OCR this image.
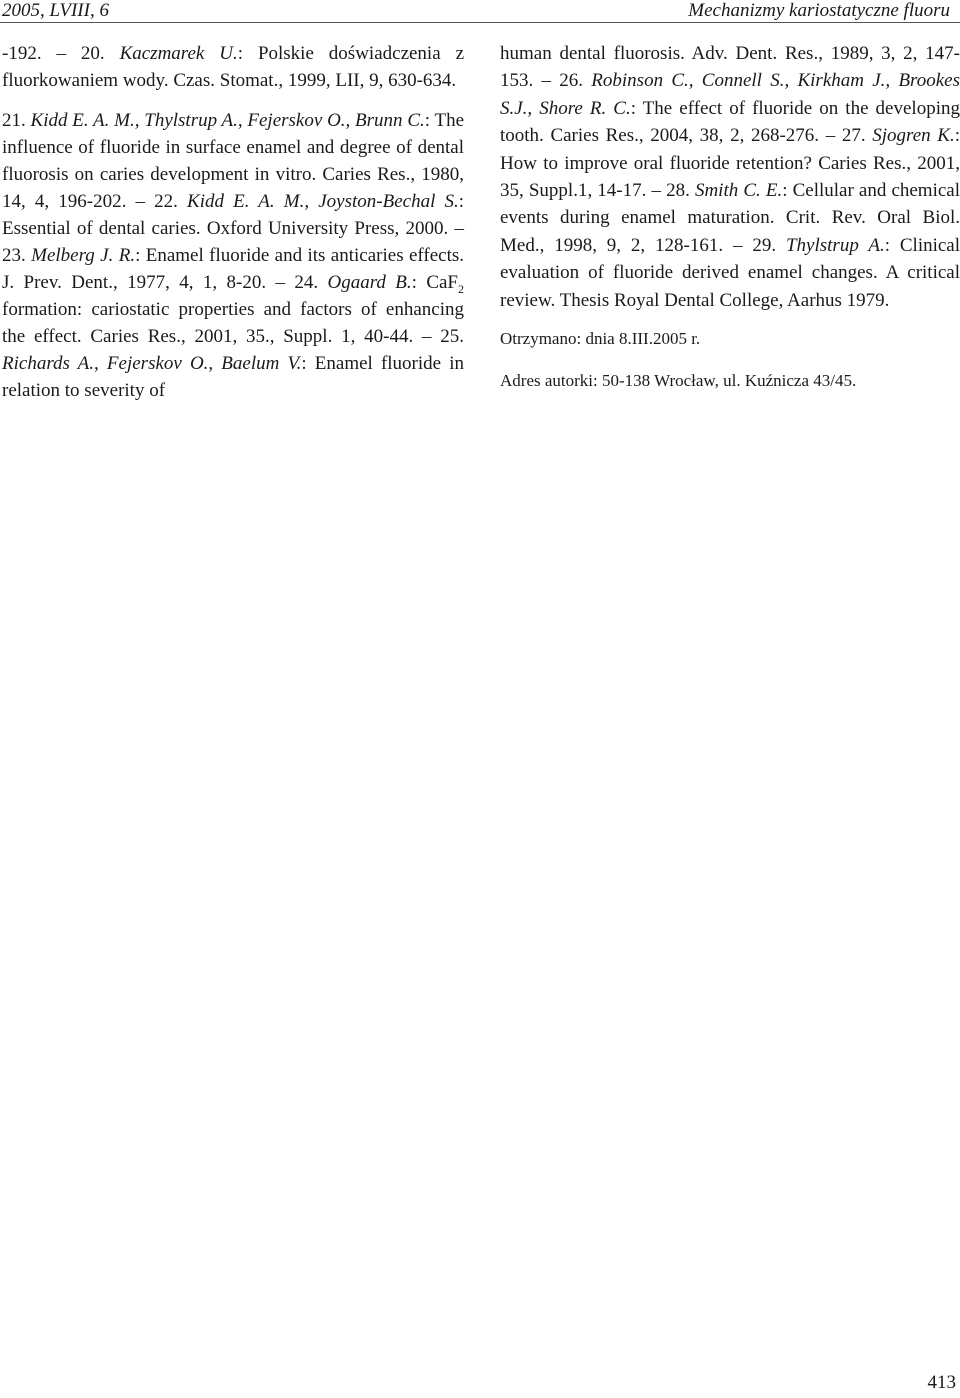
2005, LVIII, 6	Mechanizmy kariostatyczne fluoru

-192. – 20. Kaczmarek U.: Polskie doświadczenia z fluorkowaniem wody. Czas. Stomat., 1999, LII, 9, 630-634.

21. Kidd E. A. M., Thylstrup A., Fejerskov O., Brunn C.: The influence of fluoride in surface enamel and degree of dental fluorosis on caries development in vitro. Caries Res., 1980, 14, 4, 196-202. – 22. Kidd E. A. M., Joyston-Bechal S.: Essential of dental caries. Oxford University Press, 2000. – 23. Melberg J. R.: Enamel fluoride and its anticaries effects. J. Prev. Dent., 1977, 4, 1, 8-20. – 24. Ogaard B.: CaF$_2$ formation: cariostatic properties and factors of enhancing the effect. Caries Res., 2001, 35., Suppl. 1, 40-44. – 25. Richards A., Fejerskov O., Baelum V.: Enamel fluoride in relation to severity of

human dental fluorosis. Adv. Dent. Res., 1989, 3, 2, 147-153. – 26. Robinson C., Connell S., Kirkham J., Brookes S.J., Shore R. C.: The effect of fluoride on the developing tooth. Caries Res., 2004, 38, 2, 268-276. – 27. Sjogren K.: How to improve oral fluoride retention? Caries Res., 2001, 35, Suppl.1, 14-17. – 28. Smith C. E.: Cellular and chemical events during enamel maturation. Crit. Rev. Oral Biol. Med., 1998, 9, 2, 128-161. – 29. Thylstrup A.: Clinical evaluation of fluoride derived enamel changes. A critical review. Thesis Royal Dental College, Aarhus 1979.

Otrzymano: dnia 8.III.2005 r.

Adres autorki: 50-138 Wrocław, ul. Kuźnicza 43/45.

413
